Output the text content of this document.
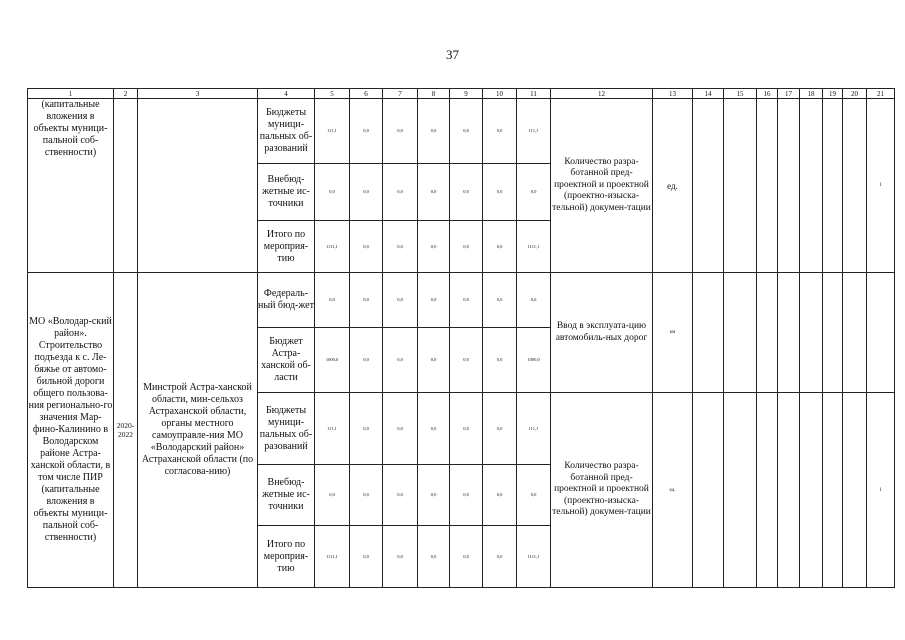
37
1	2	3	4	5	6	7	8	9	10	11	12	13	14	15	16	17	18	19	20	21
(капитальные вложения в объекты муници-пальной соб-ственности)			Бюджеты муници-пальных об-разований	111,1	0,0	0,0	0,0	0,0	0,0	111,1	Количество разра-ботанной пред-проектной и проектной (проектно-изыска-тельной) докумен-тации	ед.								1
			Внебюд-жетные ис-точники	0,0	0,0	0,0	0,0	0,0	0,0	0,0										
			Итого по мероприя-тию	1111,1	0,0	0,0	0,0	0,0	0,0	1111,1										
МО «Володар-ский район». Строительство подъезда к с. Ле-бяжье от автомо-бильной дороги общего пользова-ния регионально-го значения Мар-фино-Калинино в Володарском районе Астра-ханской области, в том числе ПИР (капитальные вложения в объекты муници-пальной соб-ственности)	2020-2022	Минстрой Астра-ханской области, мин-сельхоз Астраханской области, органы местного самоуправле-ния МО «Володарский район» Астраханской области (по согласова-нию)	Федераль-ный бюд-жет	0,0	0,0	0,0	0,0	0,0	0,0	0,0	Ввод в эксплуата-цию автомобиль-ных дорог	км								
			Бюджет Астра-ханской об-ласти	1000,0	0,0	0,0	0,0	0,0	0,0	1000,0										
			Бюджеты муници-пальных об-разований	111,1	0,0	0,0	0,0	0,0	0,0	111,1	Количество разра-ботанной пред-проектной и проектной (проектно-изыска-тельной) докумен-тации	ед.								1
			Внебюд-жетные ис-точники	0,0	0,0	0,0	0,0	0,0	0,0	0,0										
			Итого по мероприя-тию	1111,1	0,0	0,0	0,0	0,0	0,0	1111,1										
